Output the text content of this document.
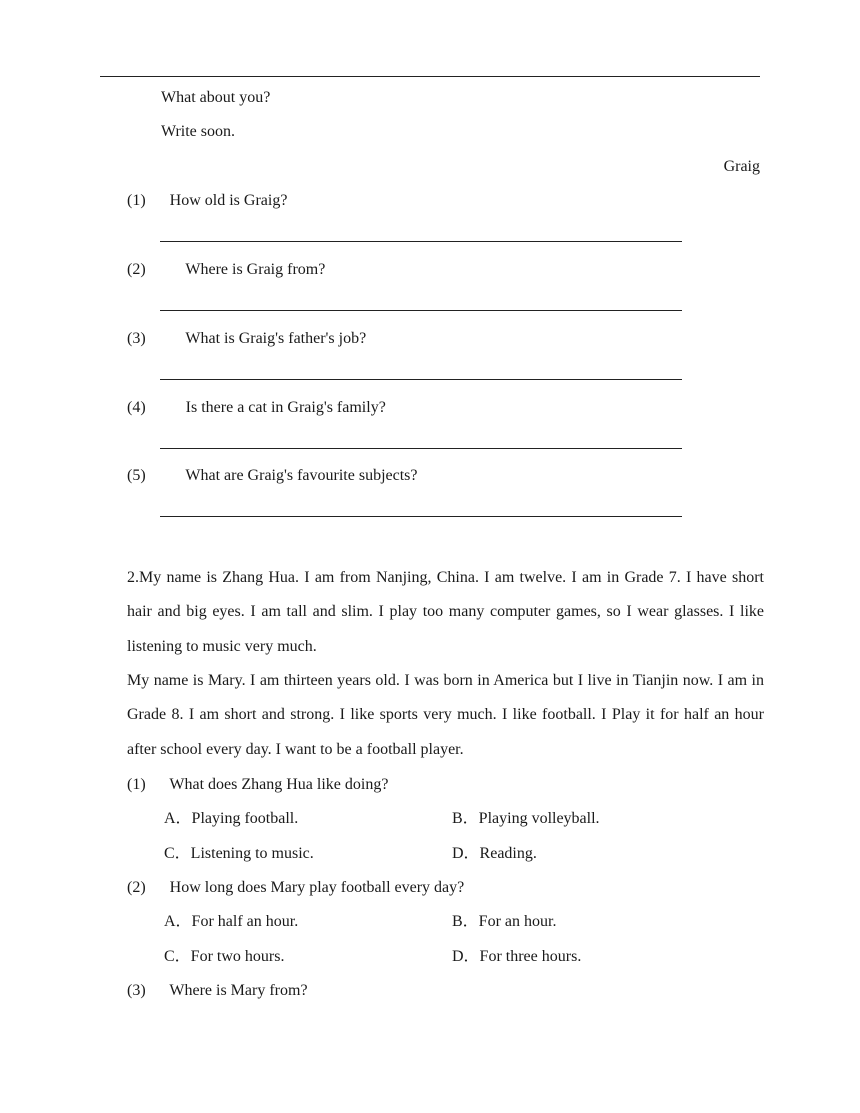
What about you?
Write soon.
Graig
(1) How old is Graig?
(2) Where is Graig from?
(3) What is Graig's father's job?
(4)	Is there a cat in Graig's family?
(5) What are Graig's favourite subjects?
2.My name is Zhang Hua. I am from Nanjing, China. I am twelve. I am in Grade 7. I have short hair and big eyes. I am tall and slim. I play too many computer games, so I wear glasses. I like listening to music very much.
My name is Mary. I am thirteen years old. I was born in America but I live in Tianjin now. I am in Grade 8. I am short and strong. I like sports very much. I like football. I Play it for half an hour after school every day. I want to be a football player.
(1) What does Zhang Hua like doing?
A．Playing football.	B．Playing volleyball.
C．Listening to music.	D．Reading.
(2) How long does Mary play football every day?
A．For half an hour.	B．For an hour.
C．For two hours.	D．For three hours.
(3) Where is Mary from?
